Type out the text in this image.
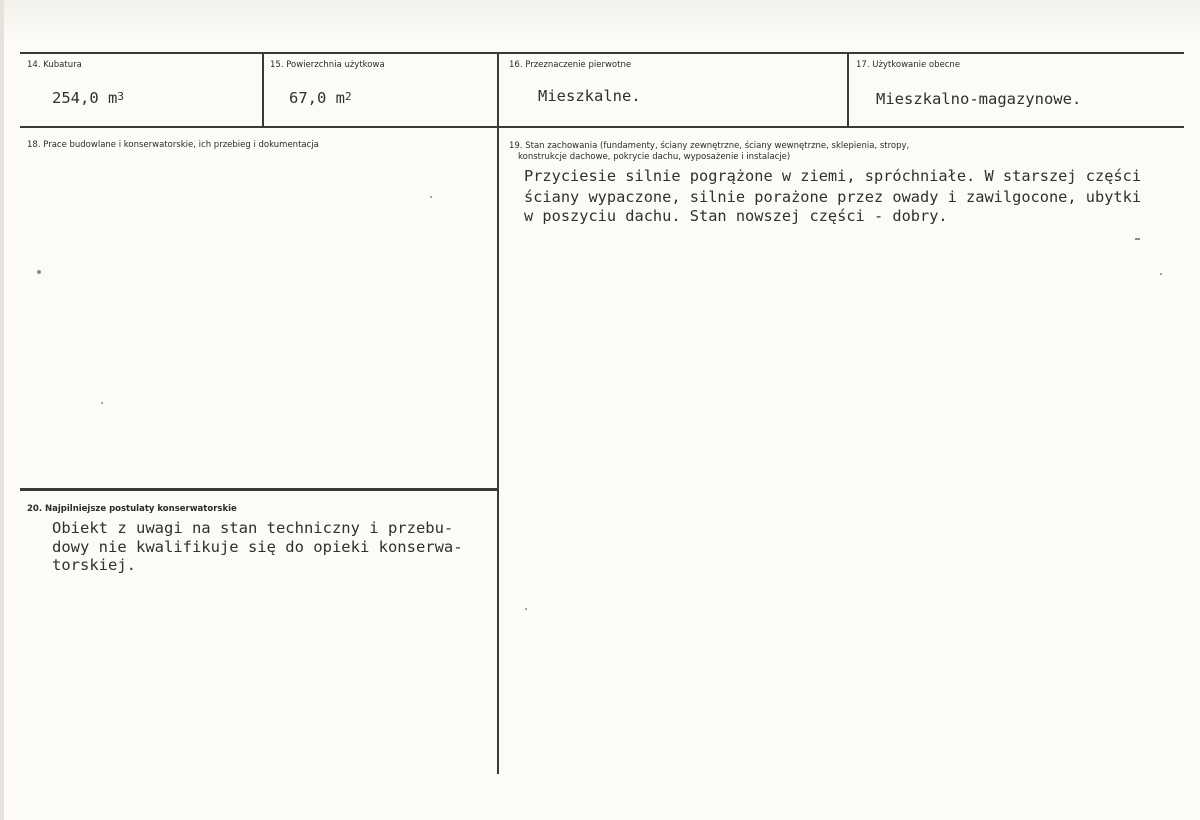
14. Kubatura
254,0 $m^3$
15. Powierzchnia użytkowa
67,0 $m^2$
16. Przeznaczenie pierwotne
Mieszkalne.
17. Użytkowanie obecne
Mieszkalno-magazynowe.
18. Prace budowlane i konserwatorskie, ich przebieg i dokumentacja	19. Stan zachowania (fundamenty, ściany zewnętrzne, ściany wewnętrzne, sklepienia, stropy,
konstrukcje dachowe, pokrycie dachu, wyposażenie i instalacje)
Przyciesie silnie pogrążone w ziemi, spróchniałe. W starszej części
ściany wypaczone, silnie porażone przez owady i zawilgocone, ubytki
w poszyciu dachu. Stan nowszej części - dobry.
20. Najpilniejsze postulaty konserwatorskie
Obiekt z uwagi na stan techniczny i przebu-
dowy nie kwalifikuje się do opieki konserwa-
torskiej.
